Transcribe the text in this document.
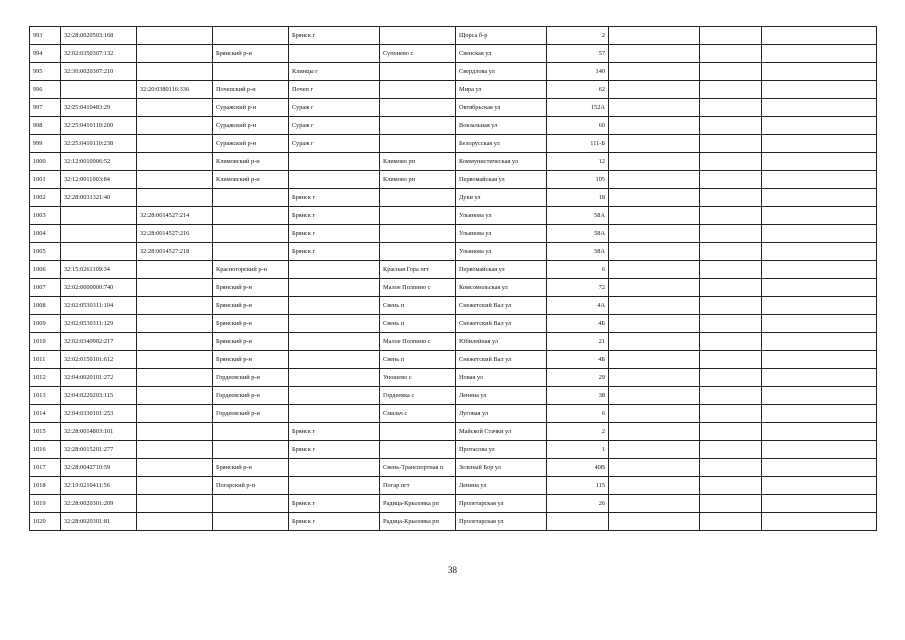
993	32:28:0020503:168			Брянск г		Щорса б-р	2			
994	32:02:0350307:132		Брянский р-н		Супонево с	Свенская ул	57			
995	32:30:0020307:210			Клинцы г		Свердлова ул	140			
996		32:20:0380116:336	Почепский р-н	Почеп г		Мира ул	62			
997	32:25:0410483:29		Суражский р-н	Сураж г		Октябрьская ул	152А			
998	32:25:0410110:200		Суражский р-н	Сураж г		Вокзальная ул	60			
999	32:25:0410110:238		Суражский р-н	Сураж г		Белорусская ул	111-Б			
1000	32:12:0010906:52		Климовский р-н		Климово рп	Коммунистическая ул	12			
1001	32:12:0011003:84		Климовский р-н		Климово рп	Первомайская ул	105			
1002	32:28:0031321:40			Брянск г		Дуки ул	18			
1003		32:28:0014527:214		Брянск г		Ульянова ул	58А			
1004		32:28:0014527:216		Брянск г		Ульянова ул	58А			
1005		32:28:0014527:218		Брянск г		Ульянова ул	58А			
1006	32:15:0261109:34		Красногорский р-н		Красная Гора пгт	Первомайская ул	6			
1007	32:02:0000000:740		Брянский р-н		Малое Полпино с	Комсомольская ул	72			
1008	32:02:0530311:104		Брянский р-н		Свень п	Снежетский Вал ул	4А			
1009	32:02:0530311:129		Брянский р-н		Свень п	Снежетский Вал ул	4Б			
1010	32:02:0340902:217		Брянский р-н		Малое Полпино с	Юбилейная ул	21			
1011	32:02:0150101:612		Брянский р-н		Свень п	Снежетский Вал ул	4Б			
1012	32:04:0020101:272		Гордеевский р-н		Уношево с	Новая ул	29			
1013	32:04:0220203:115		Гордеевский р-н		Гордеевка с	Ленина ул	38			
1014	32:04:0330101:253		Гордеевский р-н		Смяльч с	Луговая ул	6			
1015	32:28:0014803:101			Брянск г		Майской Стачки ул	2			
1016	32:28:0015201:277			Брянск г		Протасова ул	1			
1017	32:28:0042710:59		Брянский р-н		Свень-Транспортная п	Зеленый Бор ул	40В			
1018	32:19:0210411:56		Погарский р-н		Погар пгт	Ленина ул	115			
1019	32:28:0020301:209			Брянск г	Радица-Крыловка рп	Пролетарская ул	26			
1020	32:28:0020301:81			Брянск г	Радица-Крыловка рп	Пролетарская ул				
38
